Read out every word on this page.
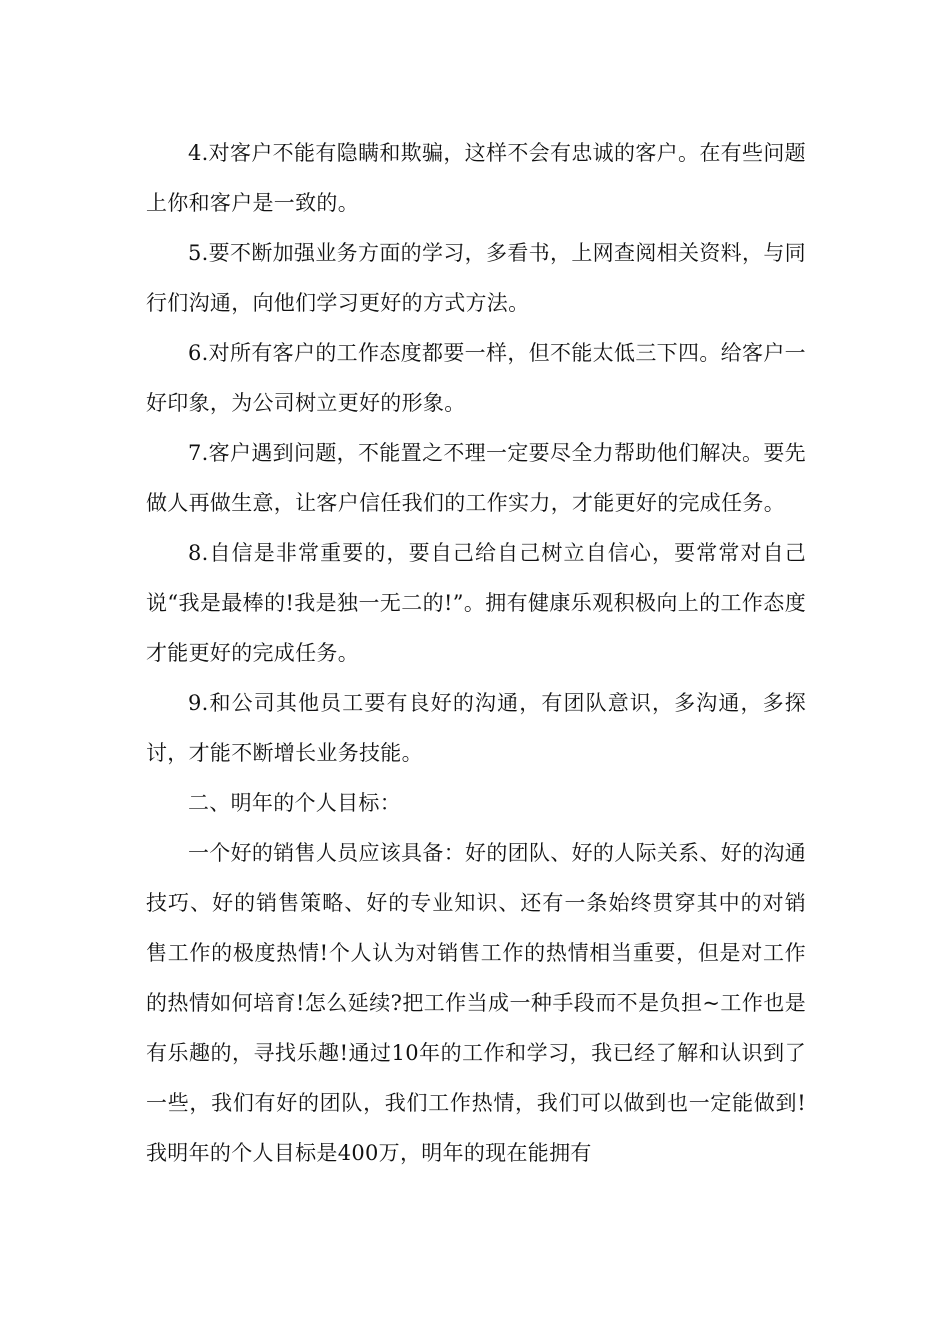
4.对客户不能有隐瞒和欺骗，这样不会有忠诚的客户。在有些问题上你和客户是一致的。

5.要不断加强业务方面的学习，多看书，上网查阅相关资料，与同行们沟通，向他们学习更好的方式方法。

6.对所有客户的工作态度都要一样，但不能太低三下四。给客户一好印象，为公司树立更好的形象。

7.客户遇到问题，不能置之不理一定要尽全力帮助他们解决。要先做人再做生意，让客户信任我们的工作实力，才能更好的完成任务。

8.自信是非常重要的，要自己给自己树立自信心，要常常对自己说“我是最棒的!我是独一无二的!”。拥有健康乐观积极向上的工作态度才能更好的完成任务。

9.和公司其他员工要有良好的沟通，有团队意识，多沟通，多探讨，才能不断增长业务技能。

二、明年的个人目标：

一个好的销售人员应该具备：好的团队、好的人际关系、好的沟通技巧、好的销售策略、好的专业知识、还有一条始终贯穿其中的对销售工作的极度热情!个人认为对销售工作的热情相当重要，但是对工作的热情如何培育!怎么延续?把工作当成一种手段而不是负担~工作也是有乐趣的，寻找乐趣!通过10年的工作和学习，我已经了解和认识到了一些，我们有好的团队，我们工作热情，我们可以做到也一定能做到!我明年的个人目标是400万，明年的现在能拥有
